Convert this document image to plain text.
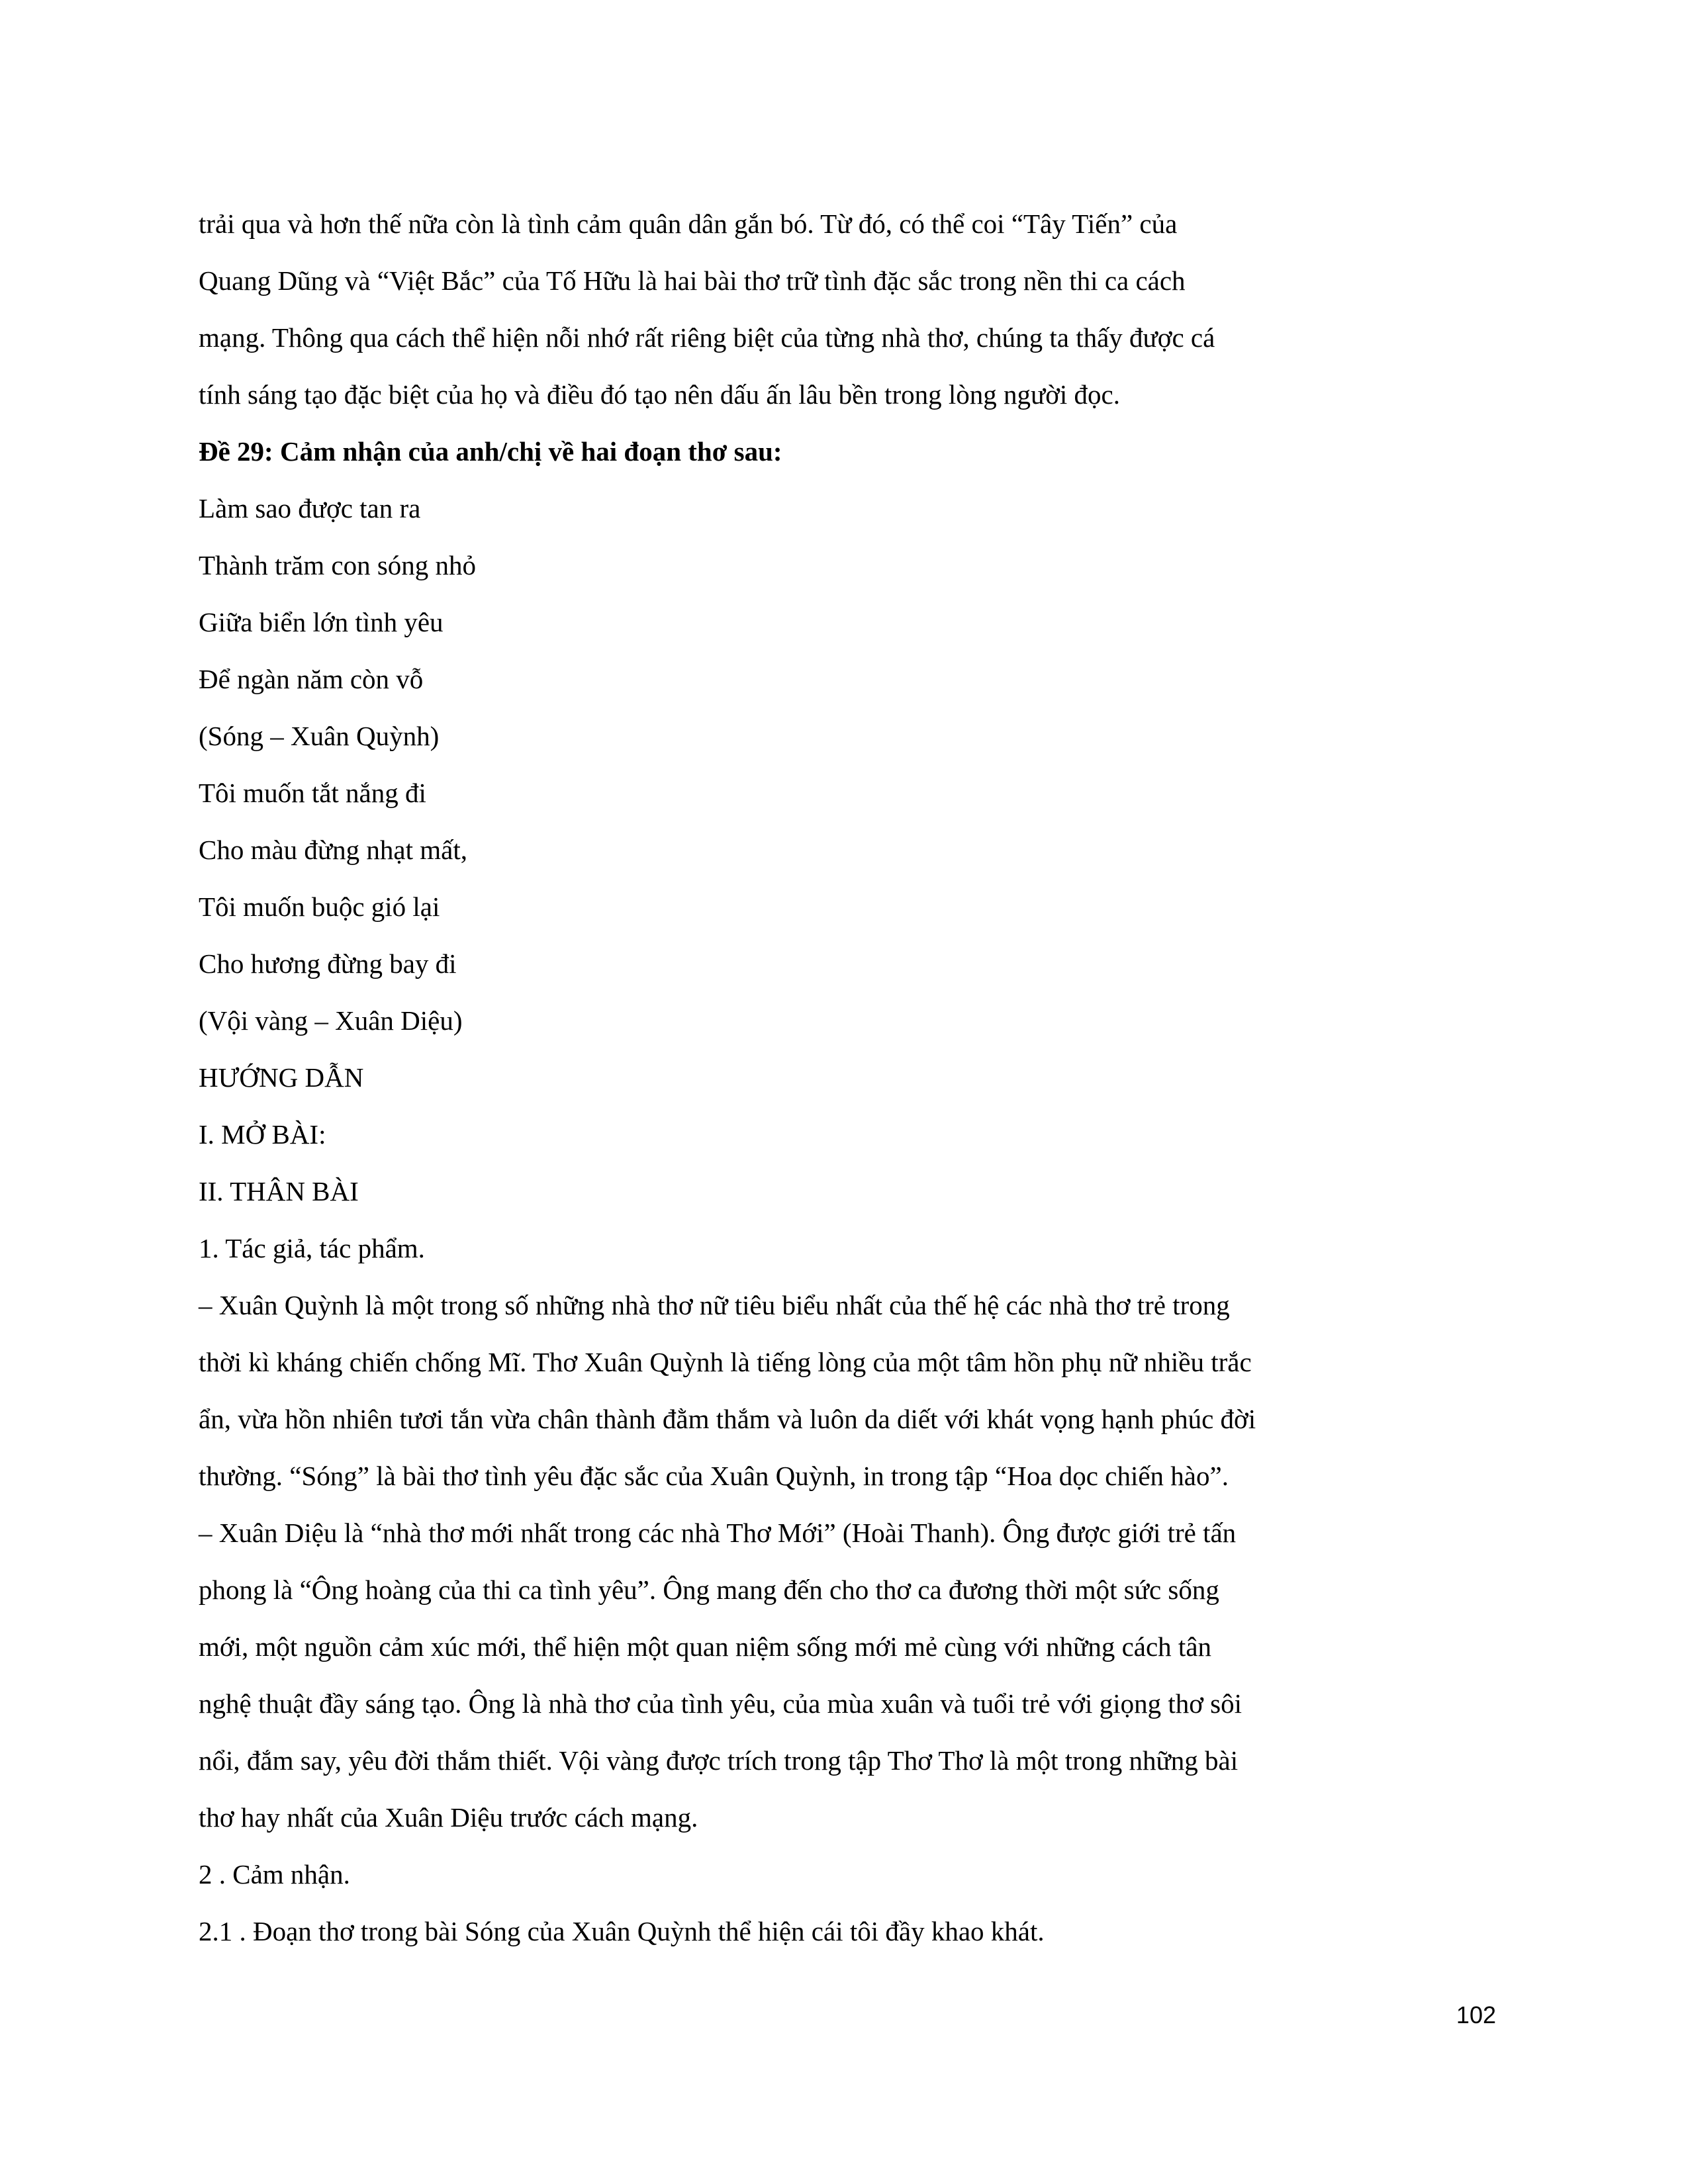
trải qua và hơn thế nữa còn là tình cảm quân dân gắn bó. Từ đó, có thể coi “Tây Tiến” của
Quang Dũng và “Việt Bắc” của Tố Hữu là hai bài thơ trữ tình đặc sắc trong nền thi ca cách
mạng. Thông qua cách thể hiện nỗi nhớ rất riêng biệt của từng nhà thơ, chúng ta thấy được cá
tính sáng tạo đặc biệt của họ và điều đó tạo nên dấu ấn lâu bền trong lòng người đọc.
Đề 29: Cảm nhận của anh/chị về hai đoạn thơ sau:
Làm sao được tan ra
Thành trăm con sóng nhỏ
Giữa biển lớn tình yêu
Để ngàn năm còn vỗ
(Sóng – Xuân Quỳnh)
Tôi muốn tắt nắng đi
Cho màu đừng nhạt mất,
Tôi muốn buộc gió lại
Cho hương đừng bay đi
(Vội vàng – Xuân Diệu)
HƯỚNG DẪN
I. MỞ BÀI:
II. THÂN BÀI
1. Tác giả, tác phẩm.
– Xuân Quỳnh là một trong số những nhà thơ nữ tiêu biểu nhất của thế hệ các nhà thơ trẻ trong
thời kì kháng chiến chống Mĩ. Thơ Xuân Quỳnh là tiếng lòng của một tâm hồn phụ nữ nhiều trắc
ẩn, vừa hồn nhiên tươi tắn vừa chân thành đằm thắm và luôn da diết với khát vọng hạnh phúc đời
thường. “Sóng” là bài thơ tình yêu đặc sắc của Xuân Quỳnh, in trong tập “Hoa dọc chiến hào”.
– Xuân Diệu là “nhà thơ mới nhất trong các nhà Thơ Mới” (Hoài Thanh). Ông được giới trẻ tấn
phong là “Ông hoàng của thi ca tình yêu”. Ông mang đến cho thơ ca đương thời một sức sống
mới, một nguồn cảm xúc mới, thể hiện một quan niệm sống mới mẻ cùng với những cách tân
nghệ thuật đầy sáng tạo. Ông là nhà thơ của tình yêu, của mùa xuân và tuổi trẻ với giọng thơ sôi
nổi, đắm say, yêu đời thắm thiết. Vội vàng được trích trong tập Thơ Thơ là một trong những bài
thơ hay nhất của Xuân Diệu trước cách mạng.
2 . Cảm nhận.
2.1 . Đoạn thơ trong bài Sóng của Xuân Quỳnh thể hiện cái tôi đầy khao khát.
102
